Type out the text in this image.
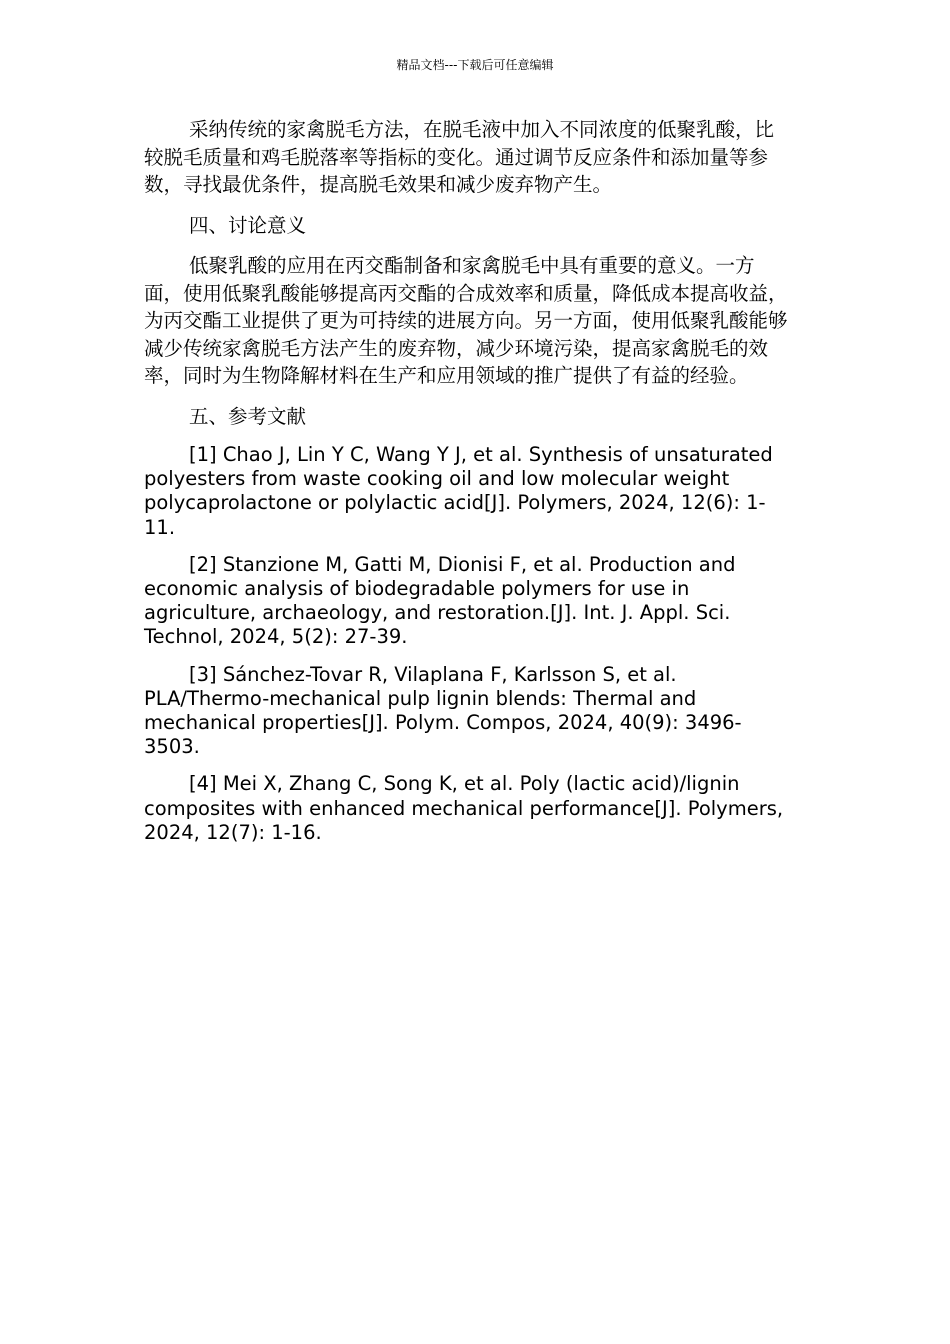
精品文档---下载后可任意编辑

采纳传统的家禽脱毛方法，在脱毛液中加入不同浓度的低聚乳酸，比较脱毛质量和鸡毛脱落率等指标的变化。通过调节反应条件和添加量等参数，寻找最优条件，提高脱毛效果和减少废弃物产生。

四、讨论意义

低聚乳酸的应用在丙交酯制备和家禽脱毛中具有重要的意义。一方面，使用低聚乳酸能够提高丙交酯的合成效率和质量，降低成本提高收益，为丙交酯工业提供了更为可持续的进展方向。另一方面，使用低聚乳酸能够减少传统家禽脱毛方法产生的废弃物，减少环境污染，提高家禽脱毛的效率，同时为生物降解材料在生产和应用领域的推广提供了有益的经验。

五、参考文献

[1] Chao J, Lin Y C, Wang Y J, et al. Synthesis of unsaturated polyesters from waste cooking oil and low molecular weight polycaprolactone or polylactic acid[J]. Polymers, 2024, 12(6): 1-11.

[2] Stanzione M, Gatti M, Dionisi F, et al. Production and economic analysis of biodegradable polymers for use in agriculture, archaeology, and restoration.[J]. Int. J. Appl. Sci. Technol, 2024, 5(2): 27-39.

[3] Sánchez-Tovar R, Vilaplana F, Karlsson S, et al. PLA/Thermo-mechanical pulp lignin blends: Thermal and mechanical properties[J]. Polym. Compos, 2024, 40(9): 3496-3503.

[4] Mei X, Zhang C, Song K, et al. Poly (lactic acid)/lignin composites with enhanced mechanical performance[J]. Polymers, 2024, 12(7): 1-16.
